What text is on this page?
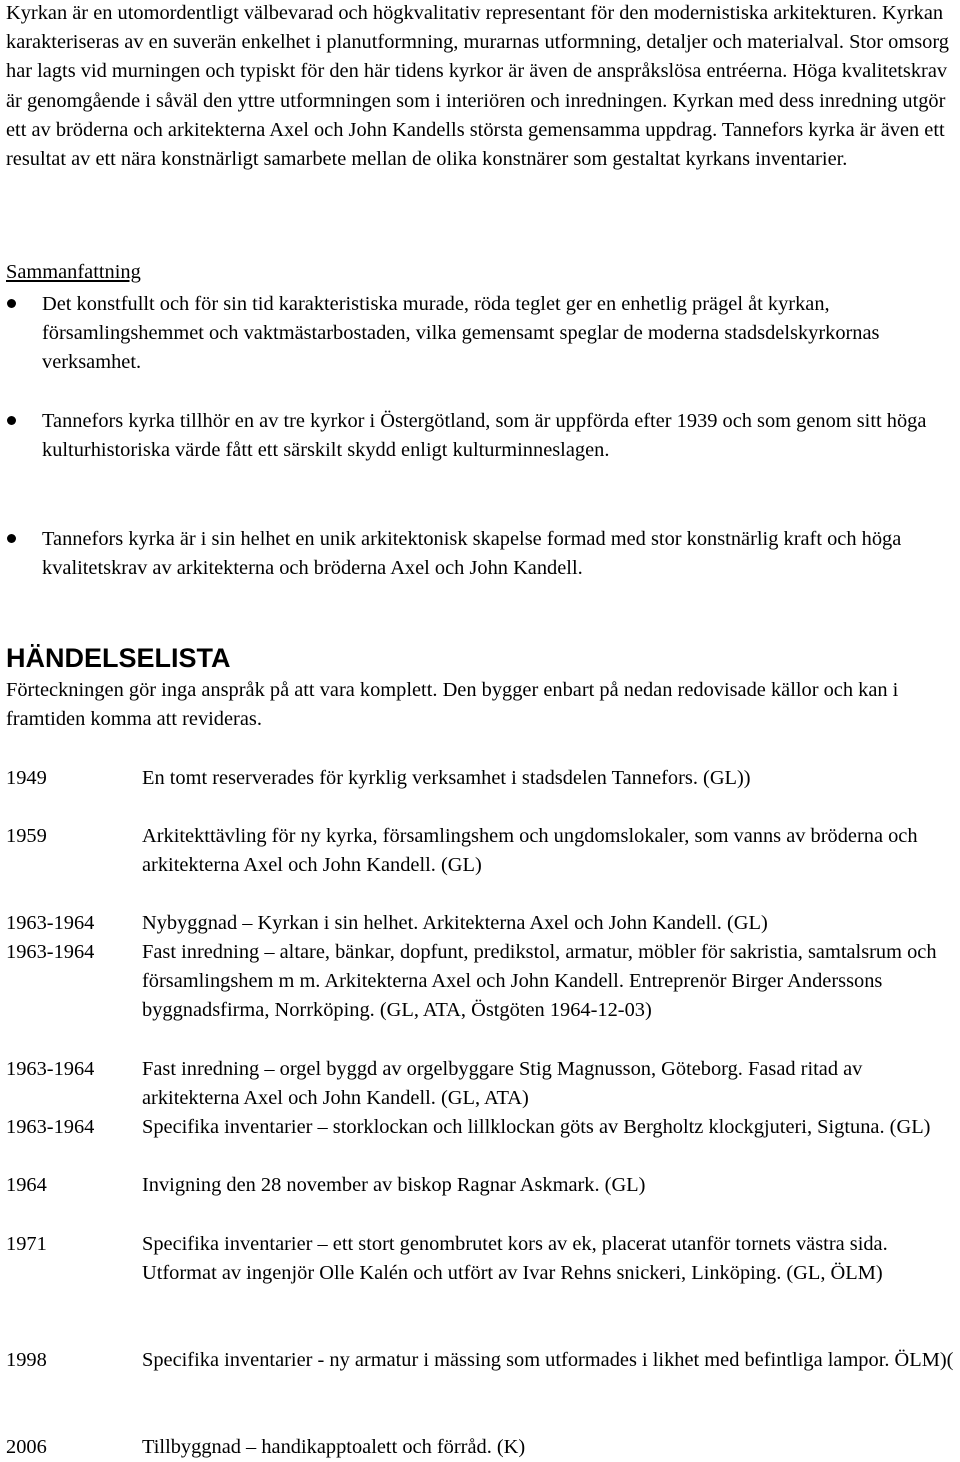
Kyrkan är en utomordentligt välbevarad och högkvalitativ representant för den modernistiska arkitekturen. Kyrkan karakteriseras av en suverän enkelhet i planutformning, murarnas utformning, detaljer och materialval. Stor omsorg har lagts vid murningen och typiskt för den här tidens kyrkor är även de anspråkslösa entréerna. Höga kvalitetskrav är genomgående i såväl den yttre utformningen som i interiören och inredningen. Kyrkan med dess inredning utgör ett av bröderna och arkitekterna Axel och John Kandells största gemensamma uppdrag. Tannefors kyrka är även ett resultat av ett nära konstnärligt samarbete mellan de olika konstnärer som gestaltat kyrkans inventarier.

Sammanfattning

Det konstfullt och för sin tid karakteristiska murade, röda teglet ger en enhetlig prägel åt kyrkan, församlingshemmet och vaktmästarbostaden, vilka gemensamt speglar de moderna stadsdelskyrkornas verksamhet.

Tannefors kyrka tillhör en av tre kyrkor i Östergötland, som är uppförda efter 1939 och som genom sitt höga kulturhistoriska värde fått ett särskilt skydd enligt kulturminneslagen.

Tannefors kyrka är i sin helhet en unik arkitektonisk skapelse formad med stor konstnärlig kraft och höga kvalitetskrav av arkitekterna och bröderna Axel och John Kandell.

HÄNDELSELISTA

Förteckningen gör inga anspråk på att vara komplett. Den bygger enbart på nedan redovisade källor och kan i framtiden komma att revideras.

1949	En tomt reserverades för kyrklig verksamhet i stadsdelen Tannefors. (GL))
1959	Arkitekttävling för ny kyrka, församlingshem och ungdomslokaler, som vanns av bröderna och arkitekterna Axel och John Kandell. (GL)
1963-1964 Nybyggnad – Kyrkan i sin helhet. Arkitekterna Axel och John Kandell. (GL)
1963-1964 Fast inredning – altare, bänkar, dopfunt, predikstol, armatur, möbler för sakristia, samtalsrum och församlingshem m m. Arkitekterna Axel och John Kandell. Entreprenör Birger Anderssons byggnadsfirma, Norrköping. (GL, ATA, Östgöten 1964-12-03)
1963-1964 Fast inredning – orgel byggd av orgelbyggare Stig Magnusson, Göteborg. Fasad ritad av arkitekterna Axel och John Kandell. (GL, ATA)
1963-1964 Specifika inventarier – storklockan och lillklockan göts av Bergholtz klockgjuteri, Sigtuna. (GL)
1964	Invigning den 28 november av biskop Ragnar Askmark. (GL)
1971	Specifika inventarier – ett stort genombrutet kors av ek, placerat utanför tornets västra sida. Utformat av ingenjör Olle Kalén och utfört av Ivar Rehns snickeri, Linköping. (GL, ÖLM)
1998	Specifika inventarier - ny armatur i mässing som utformades i likhet med befintliga lampor. ÖLM)(
2006	Tillbyggnad – handikapptoalett och förråd. (K)
